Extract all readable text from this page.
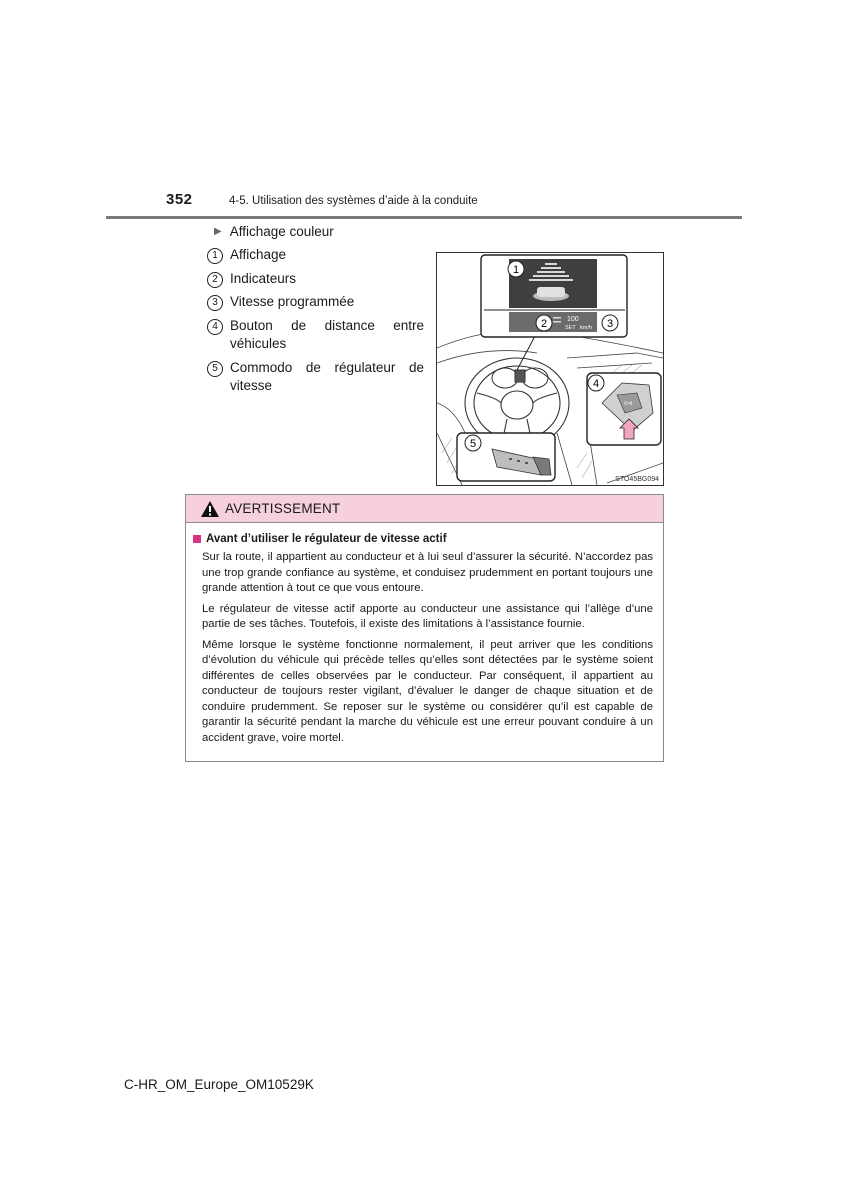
352	4-5. Utilisation des systèmes d’aide à la conduite
▶ Affichage couleur
1 Affichage
2 Indicateurs
3 Vitesse programmée
4 Bouton de distance entre véhicules
5 Commodo de régulateur de vitesse
100
SET km/h
1
2	3
≡⊲
4
5
STO45BG094
AVERTISSEMENT
Avant d’utiliser le régulateur de vitesse actif

Sur la route, il appartient au conducteur et à lui seul d’assurer la sécurité. N’accordez pas une trop grande confiance au système, et conduisez prudemment en portant toujours une grande attention à tout ce que vous entoure.

Le régulateur de vitesse actif apporte au conducteur une assistance qui l’allège d’une partie de ses tâches. Toutefois, il existe des limitations à l’assistance fournie.

Même lorsque le système fonctionne normalement, il peut arriver que les conditions d’évolution du véhicule qui précède telles qu’elles sont détectées par le système soient différentes de celles observées par le conducteur. Par conséquent, il appartient au conducteur de toujours rester vigilant, d’évaluer le danger de chaque situation et de conduire prudemment. Se reposer sur le système ou considérer qu’il est capable de garantir la sécurité pendant la marche du véhicule est une erreur pouvant conduire à un accident grave, voire mortel.

C-HR_OM_Europe_OM10529K
